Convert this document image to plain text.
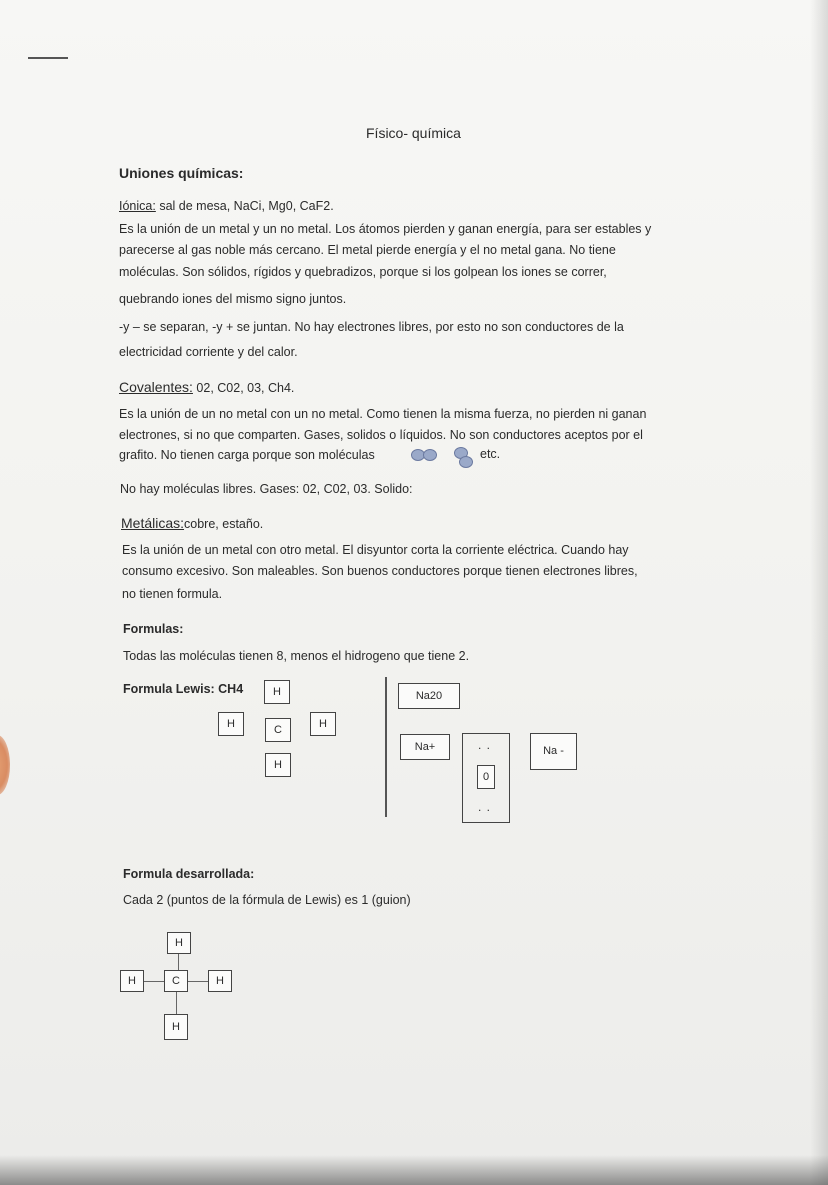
Físico- química
Uniones químicas:
Iónica: sal de mesa, NaCi, Mg0, CaF2.
Es la unión de un metal y un no metal. Los átomos pierden y ganan energía, para ser estables y
parecerse al gas noble más cercano. El metal pierde energía y el no metal gana. No tiene
moléculas. Son sólidos, rígidos y quebradizos, porque si los golpean los iones se correr,
quebrando iones del mismo signo juntos.
-y – se separan, -y + se juntan. No hay electrones libres, por esto no son conductores de la
electricidad corriente y del calor.
Covalentes: 02, C02, 03, Ch4.
Es la unión de un no metal con un no metal. Como tienen la misma fuerza, no pierden ni ganan
electrones, si no que comparten. Gases, solidos o líquidos. No son conductores aceptos por el
grafito. No tienen carga porque son moléculas	etc.
No hay moléculas libres. Gases: 02, C02, 03. Solido:
Metálicas:cobre, estaño.
Es la unión de un metal con otro metal. El disyuntor corta la corriente eléctrica. Cuando hay
consumo excesivo. Son maleables. Son buenos conductores porque tienen electrones libres,
no tienen formula.
Formulas:
Todas las moléculas tienen 8, menos el hidrogeno que tiene 2.
Formula Lewis: CH4	H
H	C	H
H
Na20
Na+	. .
0
. .
Na -
Formula desarrollada:
Cada 2 (puntos de la fórmula de Lewis) es 1 (guion)
H
H	C	H
H
